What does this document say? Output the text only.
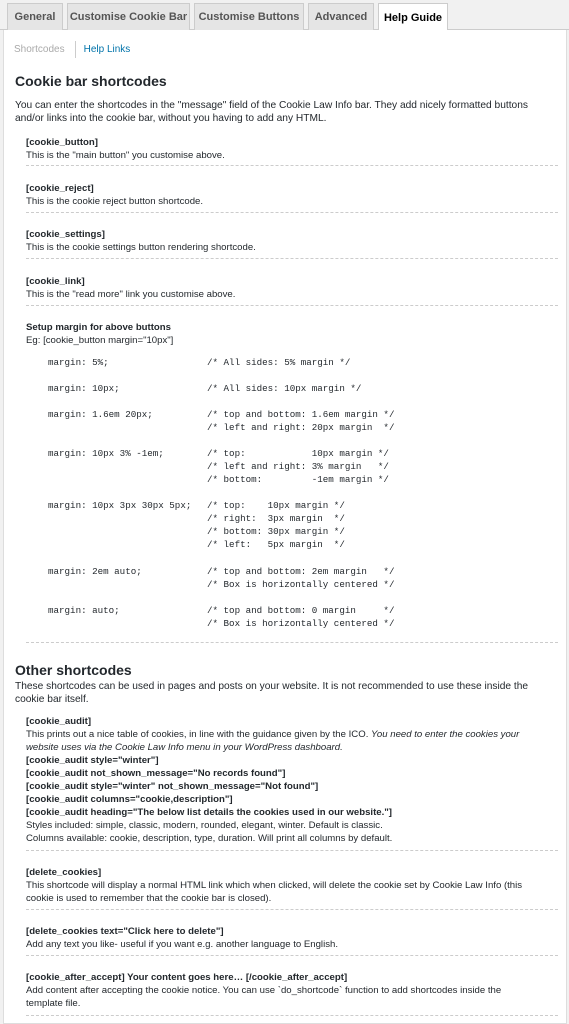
General	Customise Cookie Bar	Customise Buttons	Advanced	Help Guide
Shortcodes	Help Links
Cookie bar shortcodes
You can enter the shortcodes in the "message" field of the Cookie Law Info bar. They add nicely formatted buttons
and/or links into the cookie bar, without you having to add any HTML.
[cookie_button]
This is the "main button" you customise above.
[cookie_reject]
This is the cookie reject button shortcode.
[cookie_settings]
This is the cookie settings button rendering shortcode.
[cookie_link]
This is the "read more" link you customise above.
Setup margin for above buttons
Eg: [cookie_button margin="10px"]

margin: 5%;

	/* All sides: 5% margin */

margin: 10px;

	/* All sides: 10px margin */

margin: 1.6em 20px;

	/* top and bottom: 1.6em margin */

/* left and right: 20px margin  */

margin: 10px 3% -1em;

	/* top:            10px margin */

/* left and right: 3% margin   */

/* bottom:         -1em margin */

margin: 10px 3px 30px 5px;

/* top:    10px margin */

/* right:  3px margin  */

/* bottom: 30px margin */

/* left:   5px margin  */

margin: 2em auto;

	/* top and bottom: 2em margin   */

/* Box is horizontally centered */

margin: auto;

	/* top and bottom: 0 margin     */

/* Box is horizontally centered */

Other shortcodes
These shortcodes can be used in pages and posts on your website. It is not recommended to use these inside the
cookie bar itself.
[cookie_audit]
This prints out a nice table of cookies, in line with the guidance given by the ICO. You need to enter the cookies your
website uses via the Cookie Law Info menu in your WordPress dashboard.
[cookie_audit style="winter"]
[cookie_audit not_shown_message="No records found"]
[cookie_audit style="winter" not_shown_message="Not found"]
[cookie_audit columns="cookie,description"]
[cookie_audit heading="The below list details the cookies used in our website."]
Styles included: simple, classic, modern, rounded, elegant, winter. Default is classic.
Columns available: cookie, description, type, duration. Will print all columns by default.
[delete_cookies]
This shortcode will display a normal HTML link which when clicked, will delete the cookie set by Cookie Law Info (this
cookie is used to remember that the cookie bar is closed).
[delete_cookies text="Click here to delete"]
Add any text you like- useful if you want e.g. another language to English.
[cookie_after_accept] Your content goes here… [/cookie_after_accept]
Add content after accepting the cookie notice. You can use `do_shortcode` function to add shortcodes inside the
template file.
